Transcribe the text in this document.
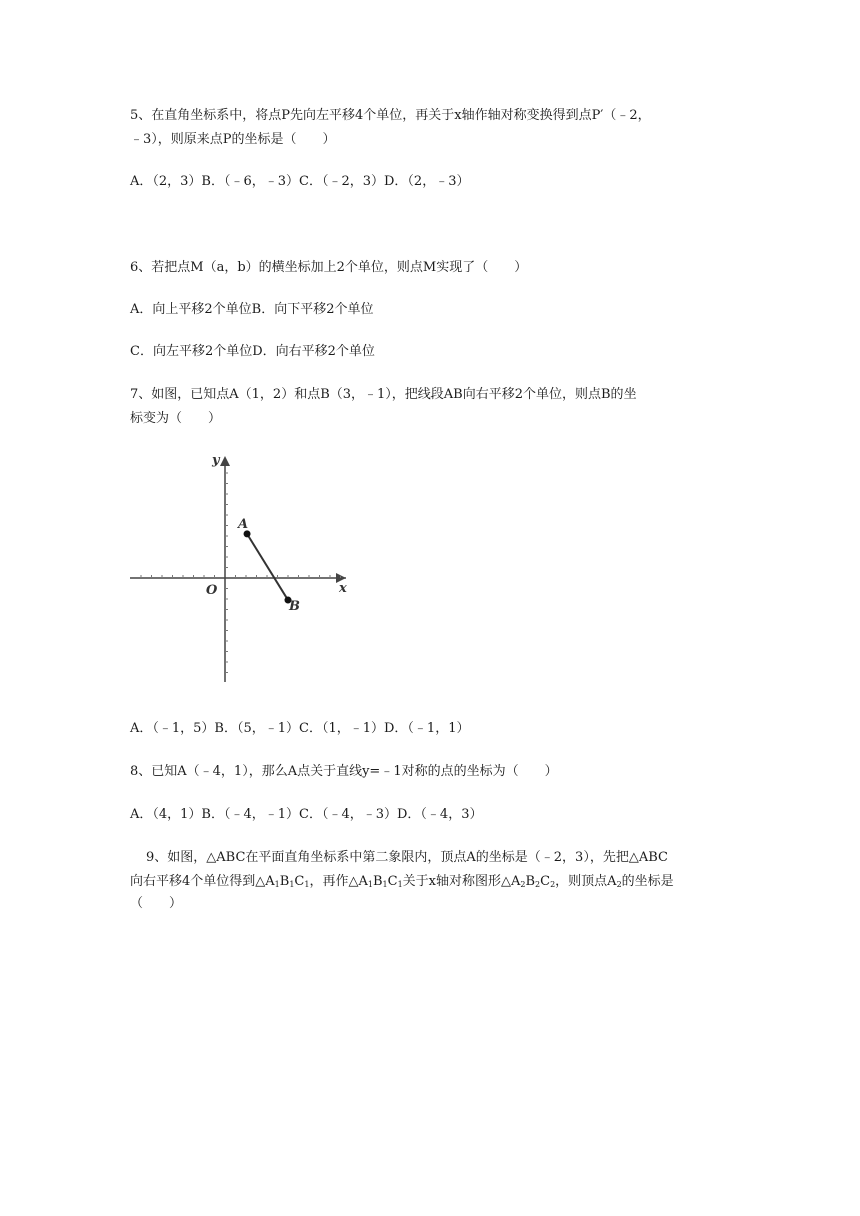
5、在直角坐标系中，将点P先向左平移4个单位，再关于x轴作轴对称变换得到点P′（﹣2，
﹣3），则原来点P的坐标是（　　）
A．（2，3）B．（﹣6，﹣3）C．（﹣2，3）D．（2，﹣3）
6、若把点M（a，b）的横坐标加上2个单位，则点M实现了（　　）
A．向上平移2个单位B．向下平移2个单位
C．向左平移2个单位D．向右平移2个单位
7、如图，已知点A（1，2）和点B（3，﹣1），把线段AB向右平移2个单位，则点B的坐
标变为（　　）
y
x
O
A
B
A．（﹣1，5）B．（5，﹣1）C．（1，﹣1）D．（﹣1，1）
8、已知A（﹣4，1），那么A点关于直线y=﹣1对称的点的坐标为（　　）
A．（4，1）B．（﹣4，﹣1）C．（﹣4，﹣3）D．（﹣4，3）
9、如图，△ABC在平面直角坐标系中第二象限内，顶点A的坐标是（﹣2，3），先把△ABC
向右平移4个单位得到$\triangle A_1B_1C_1$，再作$\triangle A_1B_1C_1$关于x轴对称图形$\triangle A_2B_2C_2$，则顶点$A_2$的坐标是
（　　）
